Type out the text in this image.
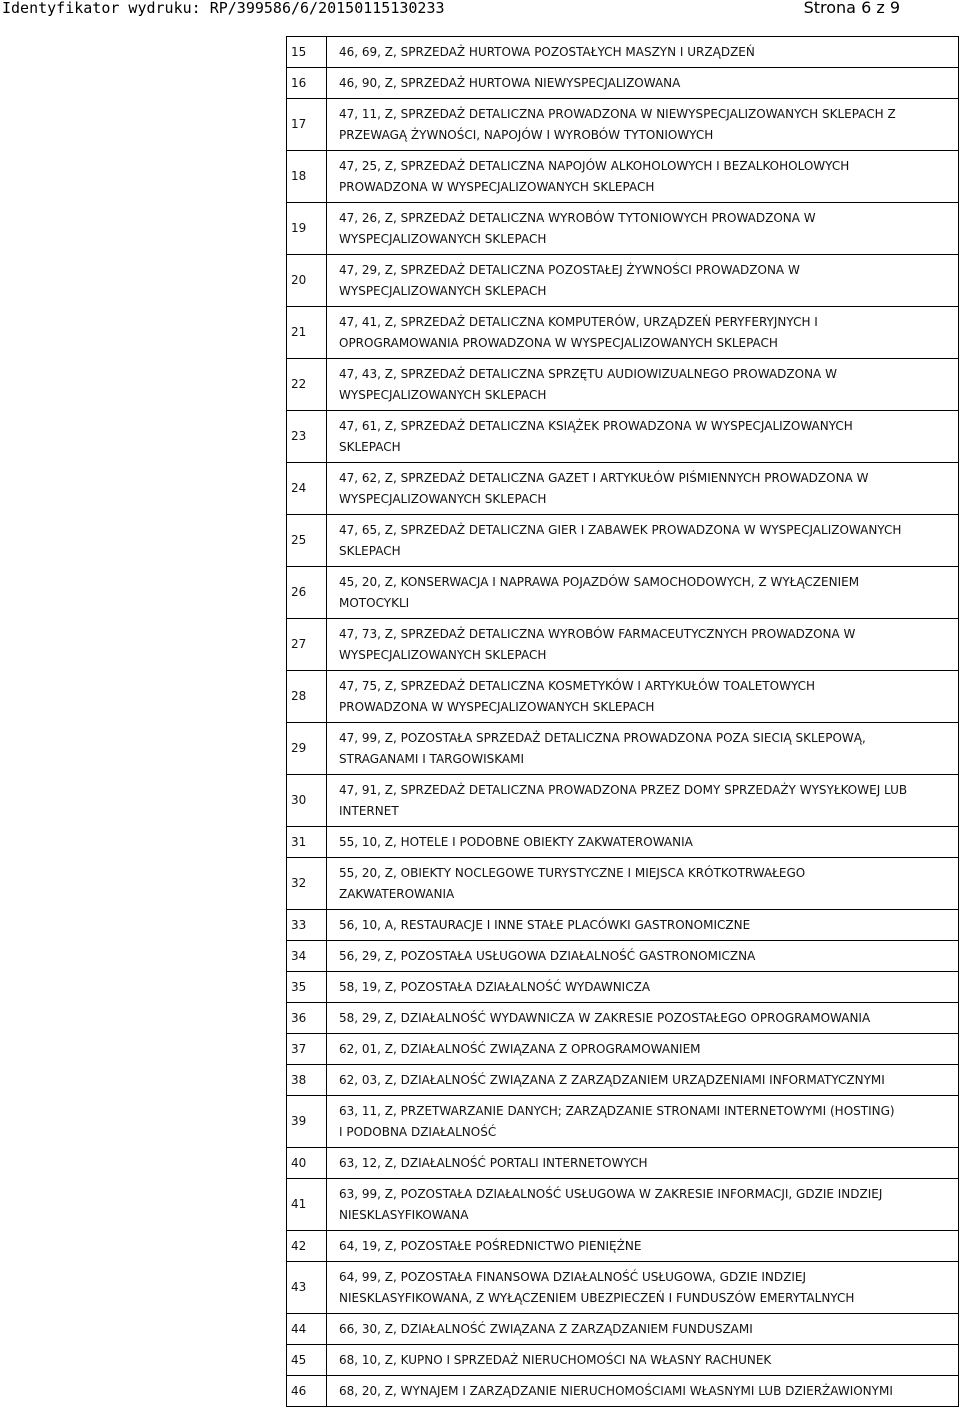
Identyfikator wydruku: RP/399586/6/20150115130233	Strona 6 z 9
15	46, 69, Z, SPRZEDAŻ HURTOWA POZOSTAŁYCH MASZYN I URZĄDZEŃ

16	46, 90, Z, SPRZEDAŻ HURTOWA NIEWYSPECJALIZOWANA

17	47, 11, Z, SPRZEDAŻ DETALICZNA PROWADZONA W NIEWYSPECJALIZOWANYCH SKLEPACH Z
PRZEWAGĄ ŻYWNOŚCI, NAPOJÓW I WYROBÓW TYTONIOWYCH

18	47, 25, Z, SPRZEDAŻ DETALICZNA NAPOJÓW ALKOHOLOWYCH I BEZALKOHOLOWYCH
PROWADZONA W WYSPECJALIZOWANYCH SKLEPACH

19	47, 26, Z, SPRZEDAŻ DETALICZNA WYROBÓW TYTONIOWYCH PROWADZONA W
WYSPECJALIZOWANYCH SKLEPACH

20	47, 29, Z, SPRZEDAŻ DETALICZNA POZOSTAŁEJ ŻYWNOŚCI PROWADZONA W
WYSPECJALIZOWANYCH SKLEPACH

21	47, 41, Z, SPRZEDAŻ DETALICZNA KOMPUTERÓW, URZĄDZEŃ PERYFERYJNYCH I
OPROGRAMOWANIA PROWADZONA W WYSPECJALIZOWANYCH SKLEPACH

22	47, 43, Z, SPRZEDAŻ DETALICZNA SPRZĘTU AUDIOWIZUALNEGO PROWADZONA W
WYSPECJALIZOWANYCH SKLEPACH

23	47, 61, Z, SPRZEDAŻ DETALICZNA KSIĄŻEK PROWADZONA W WYSPECJALIZOWANYCH
SKLEPACH

24	47, 62, Z, SPRZEDAŻ DETALICZNA GAZET I ARTYKUŁÓW PIŚMIENNYCH PROWADZONA W
WYSPECJALIZOWANYCH SKLEPACH

25	47, 65, Z, SPRZEDAŻ DETALICZNA GIER I ZABAWEK PROWADZONA W WYSPECJALIZOWANYCH
SKLEPACH

26	45, 20, Z, KONSERWACJA I NAPRAWA POJAZDÓW SAMOCHODOWYCH, Z WYŁĄCZENIEM
MOTOCYKLI

27	47, 73, Z, SPRZEDAŻ DETALICZNA WYROBÓW FARMACEUTYCZNYCH PROWADZONA W
WYSPECJALIZOWANYCH SKLEPACH

28	47, 75, Z, SPRZEDAŻ DETALICZNA KOSMETYKÓW I ARTYKUŁÓW TOALETOWYCH
PROWADZONA W WYSPECJALIZOWANYCH SKLEPACH

29	47, 99, Z, POZOSTAŁA SPRZEDAŻ DETALICZNA PROWADZONA POZA SIECIĄ SKLEPOWĄ,
STRAGANAMI I TARGOWISKAMI

30	47, 91, Z, SPRZEDAŻ DETALICZNA PROWADZONA PRZEZ DOMY SPRZEDAŻY WYSYŁKOWEJ LUB
INTERNET

31	55, 10, Z, HOTELE I PODOBNE OBIEKTY ZAKWATEROWANIA

32	55, 20, Z, OBIEKTY NOCLEGOWE TURYSTYCZNE I MIEJSCA KRÓTKOTRWAŁEGO
ZAKWATEROWANIA

33	56, 10, A, RESTAURACJE I INNE STAŁE PLACÓWKI GASTRONOMICZNE

34	56, 29, Z, POZOSTAŁA USŁUGOWA DZIAŁALNOŚĆ GASTRONOMICZNA

35	58, 19, Z, POZOSTAŁA DZIAŁALNOŚĆ WYDAWNICZA

36	58, 29, Z, DZIAŁALNOŚĆ WYDAWNICZA W ZAKRESIE POZOSTAŁEGO OPROGRAMOWANIA

37	62, 01, Z, DZIAŁALNOŚĆ ZWIĄZANA Z OPROGRAMOWANIEM

38	62, 03, Z, DZIAŁALNOŚĆ ZWIĄZANA Z ZARZĄDZANIEM URZĄDZENIAMI INFORMATYCZNYMI

39	63, 11, Z, PRZETWARZANIE DANYCH; ZARZĄDZANIE STRONAMI INTERNETOWYMI (HOSTING)
I PODOBNA DZIAŁALNOŚĆ

40	63, 12, Z, DZIAŁALNOŚĆ PORTALI INTERNETOWYCH

41	63, 99, Z, POZOSTAŁA DZIAŁALNOŚĆ USŁUGOWA W ZAKRESIE INFORMACJI, GDZIE INDZIEJ
NIESKLASYFIKOWANA

42	64, 19, Z, POZOSTAŁE POŚREDNICTWO PIENIĘŻNE

43	64, 99, Z, POZOSTAŁA FINANSOWA DZIAŁALNOŚĆ USŁUGOWA, GDZIE INDZIEJ
NIESKLASYFIKOWANA, Z WYŁĄCZENIEM UBEZPIECZEŃ I FUNDUSZÓW EMERYTALNYCH

44	66, 30, Z, DZIAŁALNOŚĆ ZWIĄZANA Z ZARZĄDZANIEM FUNDUSZAMI

45	68, 10, Z, KUPNO I SPRZEDAŻ NIERUCHOMOŚCI NA WŁASNY RACHUNEK

46	68, 20, Z, WYNAJEM I ZARZĄDZANIE NIERUCHOMOŚCIAMI WŁASNYMI LUB DZIERŻAWIONYMI
